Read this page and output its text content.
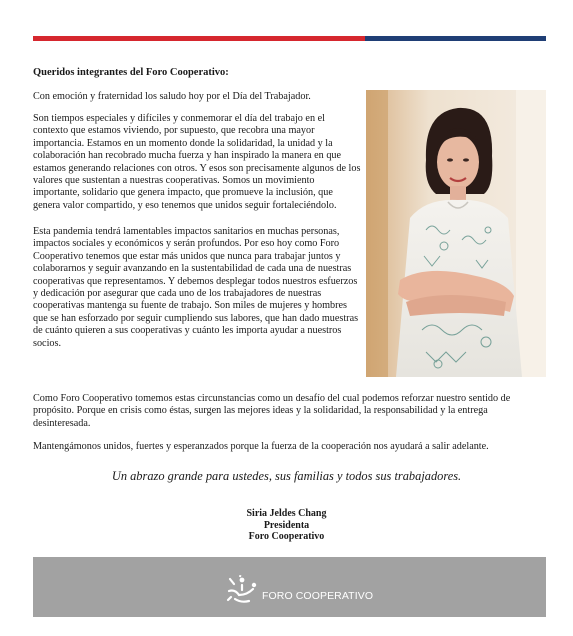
Queridos integrantes del Foro Cooperativo:

Con emoción y fraternidad los saludo hoy por el Día del Trabajador.

Son tiempos especiales y difíciles y conmemorar el día del trabajo en el contexto que estamos viviendo, por supuesto, que recobra una mayor importancia. Estamos en un momento donde la solidaridad, la unidad y la colaboración han recobrado mucha fuerza y han inspirado la manera en que estamos generando relaciones con otros. Y esos son precisamente algunos de los valores que sustentan a nuestras cooperativas. Somos un movimiento importante, solidario que genera impacto, que promueve la inclusión, que genera valor compartido, y eso tenemos que unidos seguir fortaleciéndolo.

Esta pandemia tendrá lamentables impactos sanitarios en muchas personas, impactos sociales y económicos y serán profundos. Por eso hoy como Foro Cooperativo tenemos que estar más unidos que nunca para trabajar juntos y colaborarnos y seguir avanzando en la sustentabilidad de cada una de nuestras cooperativas que representamos. Y debemos desplegar todos nuestros esfuerzos y dedicación por asegurar que cada uno de los trabajadores de nuestras cooperativas mantenga su fuente de trabajo. Son miles de mujeres y hombres que se han esforzado por seguir cumpliendo sus labores, que han dado muestras de cuánto quieren a sus cooperativas y cuánto les importa ayudar a nuestros socios.

Como Foro Cooperativo tomemos estas circunstancias como un desafío del cual podemos reforzar nuestro sentido de propósito. Porque en crisis como éstas, surgen las mejores ideas y la solidaridad, la responsabilidad y la entrega desinteresada.

Mantengámonos unidos, fuertes y esperanzados porque la fuerza de la cooperación nos ayudará a salir adelante.

Un abrazo grande para ustedes, sus familias y todos sus trabajadores.
Siria Jeldes Chang
Presidenta
Foro Cooperativo
FORO COOPERATIVO
